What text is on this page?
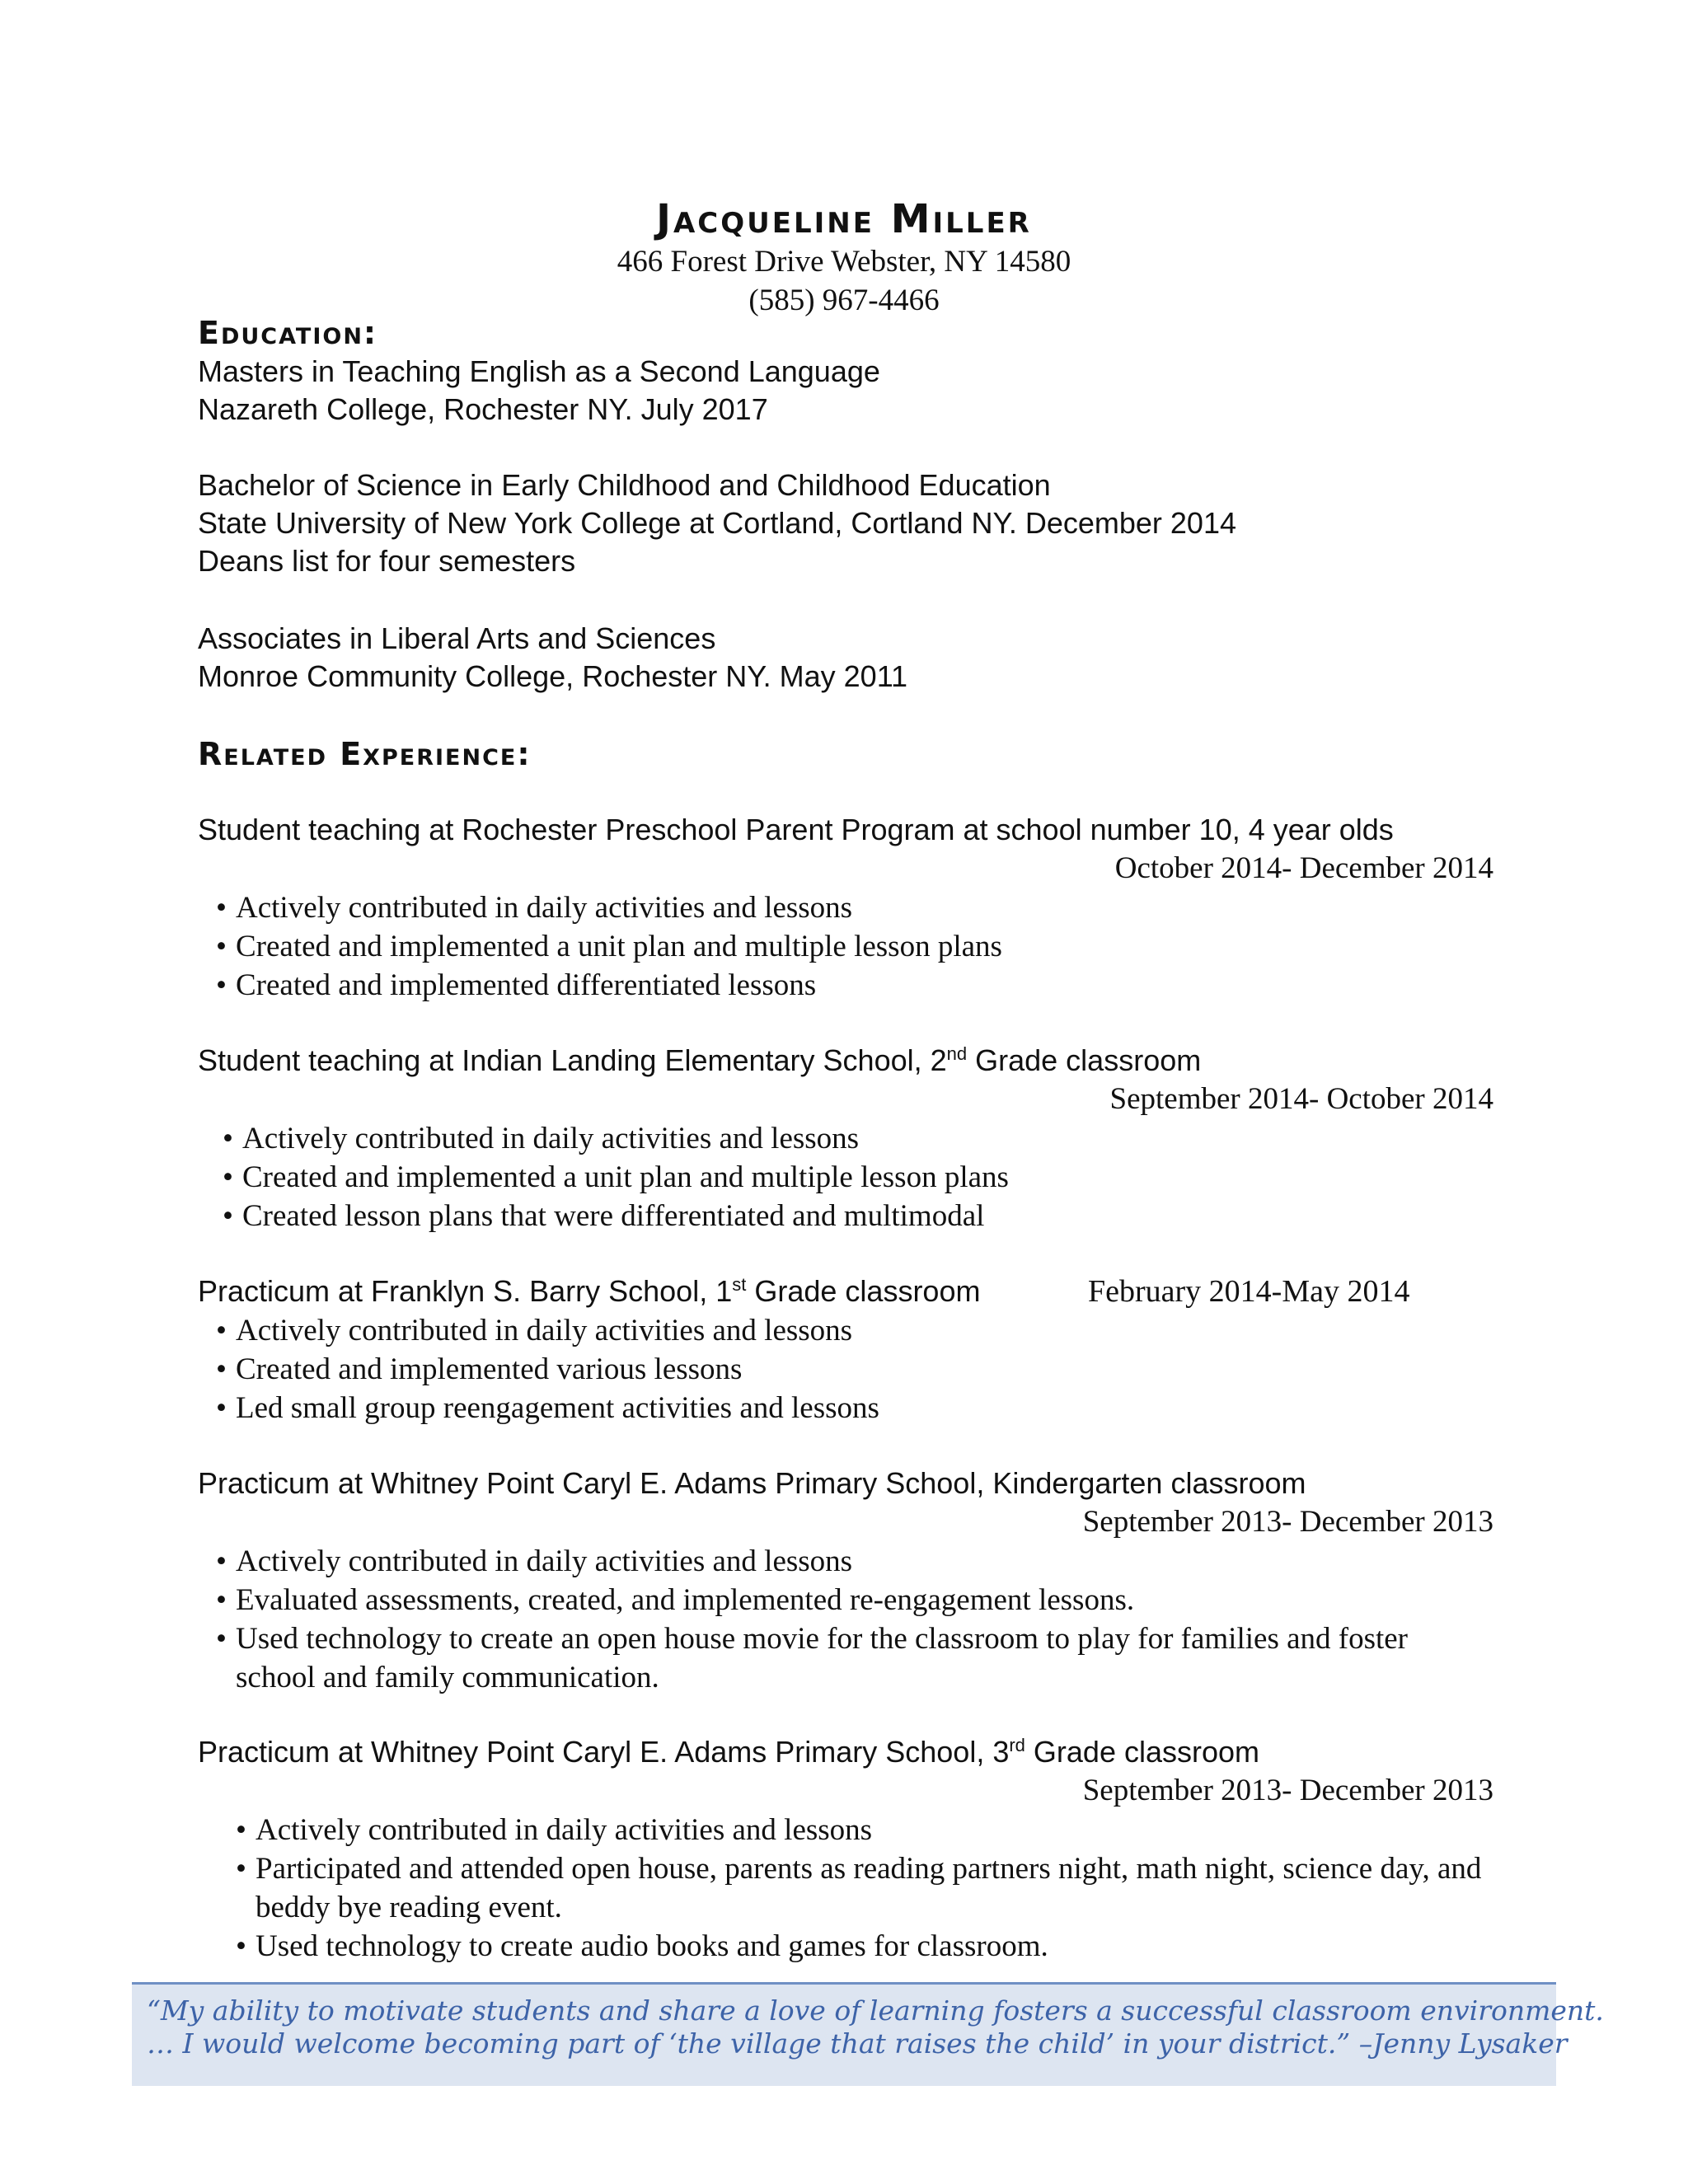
Jacqueline Miller
466 Forest Drive Webster, NY 14580
(585) 967-4466
Education:
Masters in Teaching English as a Second Language
Nazareth College, Rochester NY. July 2017
Bachelor of Science in Early Childhood and Childhood Education
State University of New York College at Cortland, Cortland NY. December 2014
Deans list for four semesters
Associates in Liberal Arts and Sciences
Monroe Community College, Rochester NY. May 2011
Related Experience:
Student teaching at Rochester Preschool Parent Program at school number 10, 4 year olds
October 2014- December 2014
• Actively contributed in daily activities and lessons
• Created and implemented a unit plan and multiple lesson plans
• Created and implemented differentiated lessons
Student teaching at Indian Landing Elementary School, 2nd Grade classroom
September 2014- October 2014
• Actively contributed in daily activities and lessons
• Created and implemented a unit plan and multiple lesson plans
• Created lesson plans that were differentiated and multimodal
Practicum at Franklyn S. Barry School, 1st Grade classroom	February 2014-May 2014
• Actively contributed in daily activities and lessons
• Created and implemented various lessons
• Led small group reengagement activities and lessons
Practicum at Whitney Point Caryl E. Adams Primary School, Kindergarten classroom
September 2013- December 2013
• Actively contributed in daily activities and lessons
• Evaluated assessments, created, and implemented re-engagement lessons.
• Used technology to create an open house movie for the classroom to play for families and foster school and family communication.
Practicum at Whitney Point Caryl E. Adams Primary School, 3rd Grade classroom
September 2013- December 2013
• Actively contributed in daily activities and lessons
• Participated and attended open house, parents as reading partners night, math night, science day, and beddy bye reading event.
• Used technology to create audio books and games for classroom.
“My ability to motivate students and share a love of learning fosters a successful classroom environment.
… I would welcome becoming part of ‘the village that raises the child’ in your district.” –Jenny Lysaker
